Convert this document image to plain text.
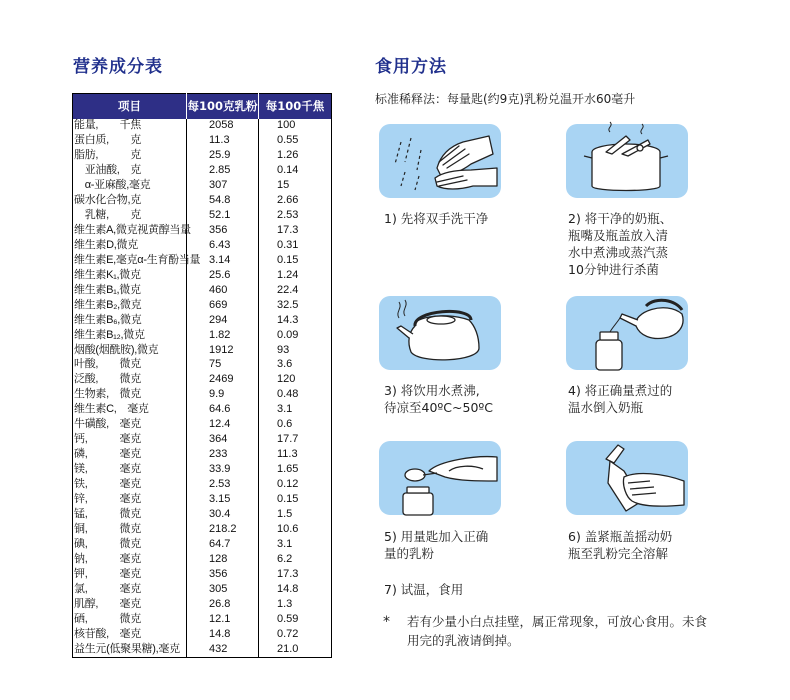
营养成分表
项目	每100克乳粉	每100千焦
能量,　　千焦	2058	100
蛋白质,　　克	11.3	0.55
脂肪,　　　克	25.9	1.26
　亚油酸,　克	2.85	0.14
　α-亚麻酸,毫克	307	15
碳水化合物,克	54.8	2.66
　乳糖,　　克	52.1	2.53
维生素A,微克视黄醇当量	356	17.3
维生素D,微克	6.43	0.31
维生素E,毫克α-生育酚当量	3.14	0.15
维生素K₁,微克	25.6	1.24
维生素B₁,微克	460	22.4
维生素B₂,微克	669	32.5
维生素B₆,微克	294	14.3
维生素B₁₂,微克	1.82	0.09
烟酸(烟酰胺),微克	1912	93
叶酸,　　微克	75	3.6
泛酸,　　微克	2469	120
生物素,　微克	9.9	0.48
维生素C,　毫克	64.6	3.1
牛磺酸,　毫克	12.4	0.6
钙,　　　毫克	364	17.7
磷,　　　毫克	233	11.3
镁,　　　毫克	33.9	1.65
铁,　　　毫克	2.53	0.12
锌,　　　毫克	3.15	0.15
锰,　　　微克	30.4	1.5
铜,　　　微克	218.2	10.6
碘,　　　微克	64.7	3.1
钠,　　　毫克	128	6.2
钾,　　　毫克	356	17.3
氯,　　　毫克	305	14.8
肌醇,　　毫克	26.8	1.3
硒,　　　微克	12.1	0.59
核苷酸,　毫克	14.8	0.72
益生元(低聚果糖),毫克	432	21.0
食用方法
标准稀释法：每量匙(约9克)乳粉兑温开水60毫升
1) 先将双手洗干净	2) 将干净的奶瓶、
瓶嘴及瓶盖放入清
水中煮沸或蒸汽蒸
10分钟进行杀菌
3) 将饮用水煮沸,
待凉至40ºC~50ºC
4) 将正确量煮过的
温水倒入奶瓶
5) 用量匙加入正确
量的乳粉
6) 盖紧瓶盖摇动奶
瓶至乳粉完全溶解
7) 试温，食用
* 若有少量小白点挂壁，属正常现象，可放心食用。未食用完的乳液请倒掉。
